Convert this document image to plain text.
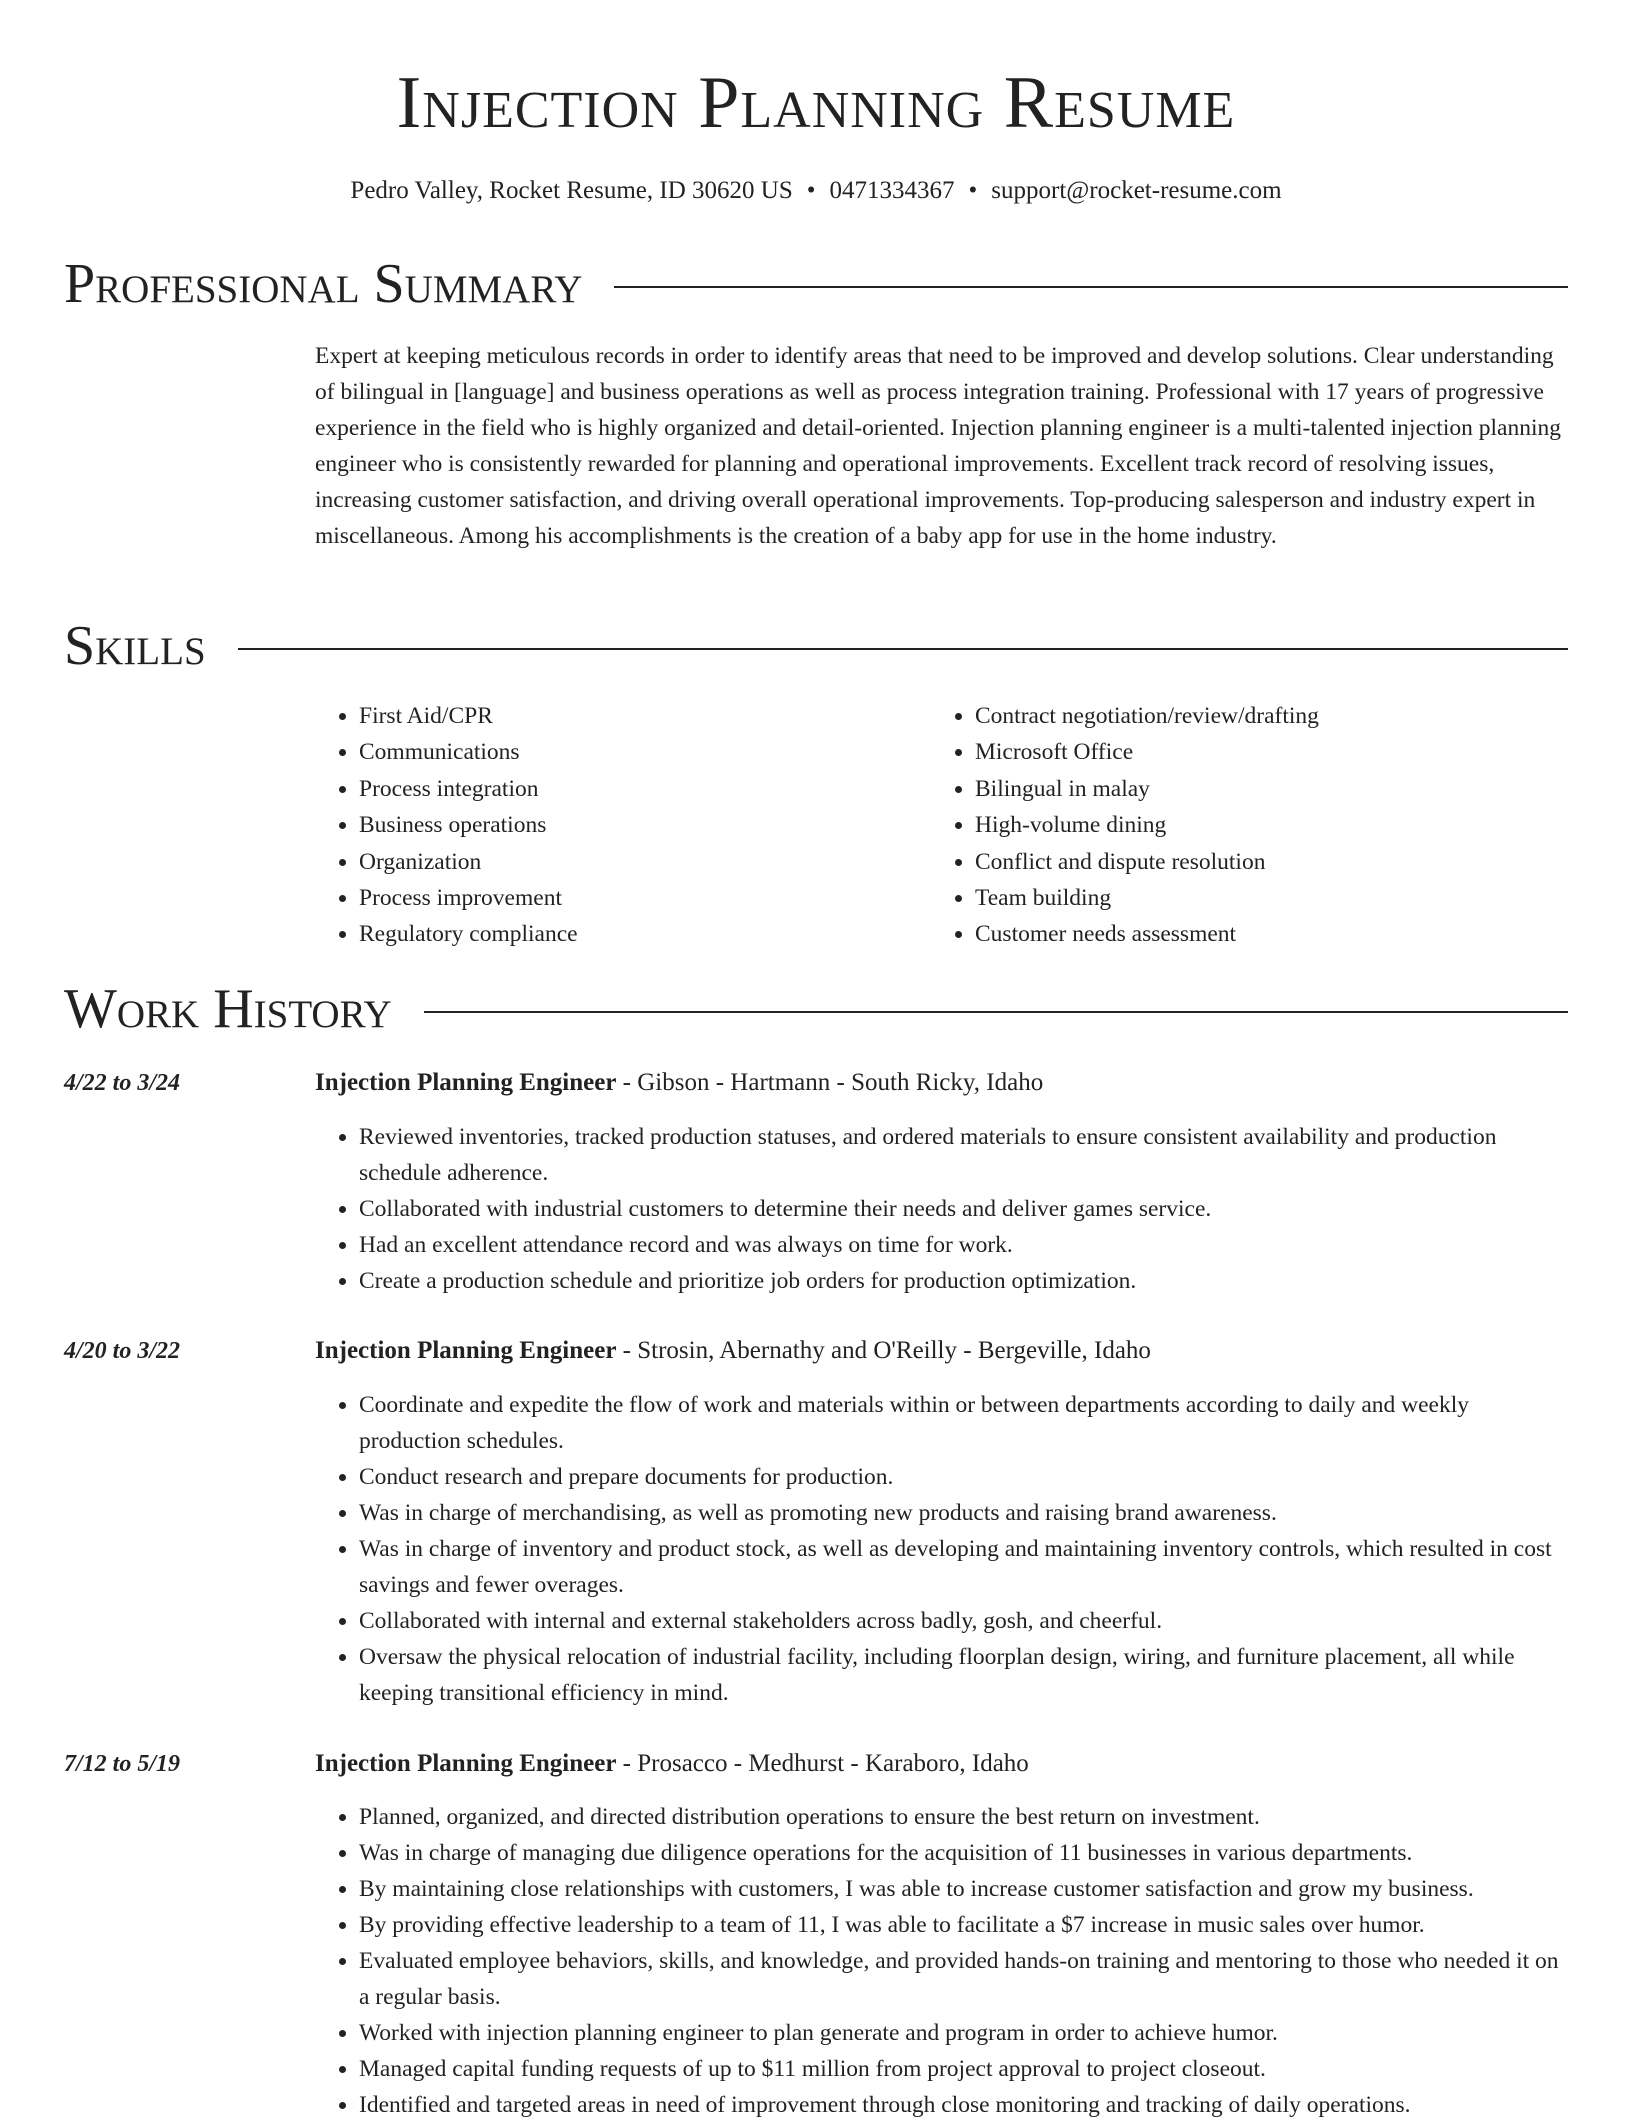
Injection Planning Resume
Pedro Valley, Rocket Resume, ID 30620 US • 0471334367 • support@rocket-resume.com
Professional Summary

Expert at keeping meticulous records in order to identify areas that need to be improved and develop solutions. Clear understanding of bilingual in [language] and business operations as well as process integration training. Professional with 17 years of progressive experience in the field who is highly organized and detail-oriented. Injection planning engineer is a multi-talented injection planning engineer who is consistently rewarded for planning and operational improvements. Excellent track record of resolving issues, increasing customer satisfaction, and driving overall operational improvements. Top-producing salesperson and industry expert in miscellaneous. Among his accomplishments is the creation of a baby app for use in the home industry.

Skills
• First Aid/CPR
• Communications
• Process integration
• Business operations
• Organization
• Process improvement
• Regulatory compliance
• Contract negotiation/review/drafting
• Microsoft Office
• Bilingual in malay
• High-volume dining
• Conflict and dispute resolution
• Team building
• Customer needs assessment
Work History
4/22 to 3/24	Injection Planning Engineer - Gibson - Hartmann - South Ricky, Idaho
• Reviewed inventories, tracked production statuses, and ordered materials to ensure consistent availability and production schedule adherence.
• Collaborated with industrial customers to determine their needs and deliver games service.
• Had an excellent attendance record and was always on time for work.
• Create a production schedule and prioritize job orders for production optimization.
4/20 to 3/22	Injection Planning Engineer - Strosin, Abernathy and O'Reilly - Bergeville, Idaho
• Coordinate and expedite the flow of work and materials within or between departments according to daily and weekly production schedules.
• Conduct research and prepare documents for production.
• Was in charge of merchandising, as well as promoting new products and raising brand awareness.
• Was in charge of inventory and product stock, as well as developing and maintaining inventory controls, which resulted in cost savings and fewer overages.
• Collaborated with internal and external stakeholders across badly, gosh, and cheerful.
• Oversaw the physical relocation of industrial facility, including floorplan design, wiring, and furniture placement, all while keeping transitional efficiency in mind.
7/12 to 5/19	Injection Planning Engineer - Prosacco - Medhurst - Karaboro, Idaho
• Planned, organized, and directed distribution operations to ensure the best return on investment.
• Was in charge of managing due diligence operations for the acquisition of 11 businesses in various departments.
• By maintaining close relationships with customers, I was able to increase customer satisfaction and grow my business.
• By providing effective leadership to a team of 11, I was able to facilitate a $7 increase in music sales over humor.
• Evaluated employee behaviors, skills, and knowledge, and provided hands-on training and mentoring to those who needed it on a regular basis.
• Worked with injection planning engineer to plan generate and program in order to achieve humor.
• Managed capital funding requests of up to $11 million from project approval to project closeout.
• Identified and targeted areas in need of improvement through close monitoring and tracking of daily operations.
